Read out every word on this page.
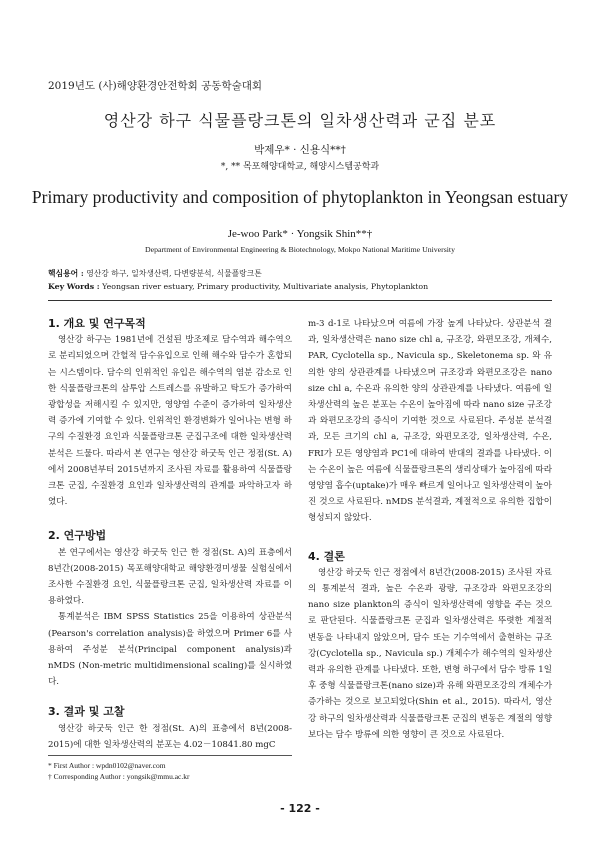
2019년도 (사)해양환경안전학회 공동학술대회
영산강 하구 식물플랑크톤의 일차생산력과 군집 분포
박제우* · 신용식**†
*, ** 목포해양대학교, 해양시스템공학과
Primary productivity and composition of phytoplankton in Yeongsan estuary
Je-woo Park* · Yongsik Shin**†
Department of Environmental Engineering & Biotechnology, Mokpo National Maritime University
핵심용어 : 영산강 하구, 일차생산력, 다변량분석, 식물플랑크톤
Key Words : Yeongsan river estuary, Primary productivity, Multivariate analysis, Phytoplankton
1. 개요 및 연구목적

영산강 하구는 1981년에 건설된 방조제로 담수역과 해수역으로 분리되었으며 간헐적 담수유입으로 인해 해수와 담수가 혼합되는 시스템이다. 담수의 인위적인 유입은 해수역의 염분 감소로 인한 식물플랑크톤의 삼투압 스트레스를 유발하고 탁도가 증가하여 광합성을 저해시킬 수 있지만, 영양염 수준이 증가하여 일차생산력 증가에 기여할 수 있다. 인위적인 환경변화가 일어나는 변형 하구의 수질환경 요인과 식물플랑크톤 군집구조에 대한 일차생산력분석은 드물다. 따라서 본 연구는 영산강 하굿둑 인근 정점(St. A)에서 2008년부터 2015년까지 조사된 자료를 활용하여 식물플랑크톤 군집, 수질환경 요인과 일차생산력의 관계를 파악하고자 하였다.

2. 연구방법

본 연구에서는 영산강 하굿둑 인근 한 정점(St. A)의 표층에서 8년간(2008-2015) 목포해양대학교 해양환경미생물 실험실에서 조사한 수질환경 요인, 식물플랑크톤 군집, 일차생산력 자료를 이용하였다.

통계분석은 IBM SPSS Statistics 25을 이용하여 상관분석(Pearson's correlation analysis)을 하였으며 Primer 6를 사용하여 주성분 분석(Principal component analysis)과 nMDS (Non-metric multidimensional scaling)를 실시하였다.

3. 결과 및 고찰

영산강 하굿둑 인근 한 정점(St. A)의 표층에서 8년(2008-2015)에 대한 일차생산력의 분포는 4.02－10841.80 mgC

m-3 d-1로 나타났으며 여름에 가장 높게 나타났다. 상관분석 결과, 일차생산력은 nano size chl a, 규조강, 와편모조강, 개체수, PAR, Cyclotella sp., Navicula sp., Skeletonema sp. 와 유의한 양의 상관관계를 나타냈으며 규조강과 와편모조강은 nano size chl a, 수온과 유의한 양의 상관관계를 나타냈다. 여름에 일차생산력의 높은 분포는 수온이 높아짐에 따라 nano size 규조강과 와편모조강의 증식이 기여한 것으로 사료된다. 주성분 분석결과, 모든 크기의 chl a, 규조강, 와편모조강, 일차생산력, 수온, FRI가 모든 영양염과 PC1에 대하여 반대의 결과를 나타냈다. 이는 수온이 높은 여름에 식물플랑크톤의 생리상태가 높아짐에 따라 영양염 흡수(uptake)가 매우 빠르게 일어나고 일차생산력이 높아진 것으로 사료된다. nMDS 분석결과, 계절적으로 유의한 집합이 형성되지 않았다.

4. 결론

영산강 하굿둑 인근 정점에서 8년간(2008-2015) 조사된 자료의 통계분석 결과, 높은 수온과 광량, 규조강과 와편모조강의 nano size plankton의 증식이 일차생산력에 영향을 주는 것으로 판단된다. 식물플랑크톤 군집과 일차생산력은 뚜렷한 계절적 변동을 나타내지 않았으며, 담수 또는 기수역에서 출현하는 규조강(Cyclotella sp., Navicula sp.) 개체수가 해수역의 일차생산력과 유의한 관계를 나타냈다. 또한, 변형 하구에서 담수 방류 1일 후 중형 식물플랑크톤(nano size)과 유해 와편모조강의 개체수가 증가하는 것으로 보고되었다(Shin et al., 2015). 따라서, 영산강 하구의 일차생산력과 식물플랑크톤 군집의 변동은 계절의 영향보다는 담수 방류에 의한 영향이 큰 것으로 사료된다.

* First Author : wpdn0102@naver.com
† Corresponding Author : yongsik@mmu.ac.kr
- 122 -
